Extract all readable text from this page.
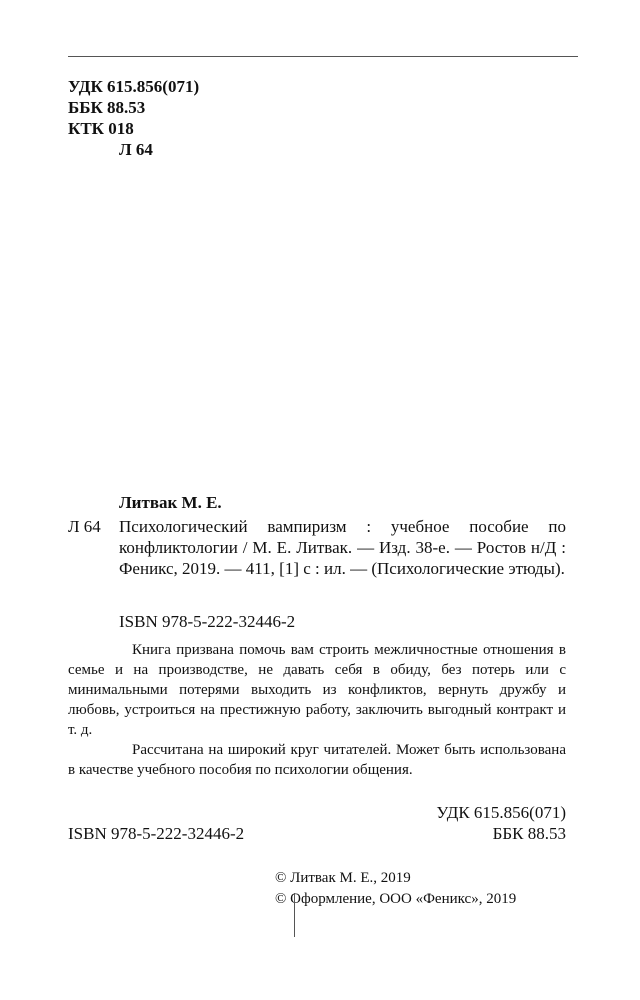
УДК 615.856(071)
ББК 88.53
КТК 018
Л 64
Литвак М. Е.
Л 64 Психологический вампиризм : учебное пособие по конфликтологии / М. Е. Литвак. — Изд. 38-е. — Ростов н/Д : Феникс, 2019. — 411, [1] с : ил. — (Психологические этюды).
ISBN 978-5-222-32446-2

Книга призвана помочь вам строить межличностные отношения в семье и на производстве, не давать себя в обиду, без потерь или с минимальными потерями выходить из конфликтов, вернуть дружбу и любовь, устроиться на престижную работу, заключить выгодный контракт и т. д.

Рассчитана на широкий круг читателей. Может быть использована в качестве учебного пособия по психологии общения.

УДК 615.856(071)
ББК 88.53
ISBN 978-5-222-32446-2
© Литвак М. Е., 2019
© Оформление, ООО «Феникс», 2019
